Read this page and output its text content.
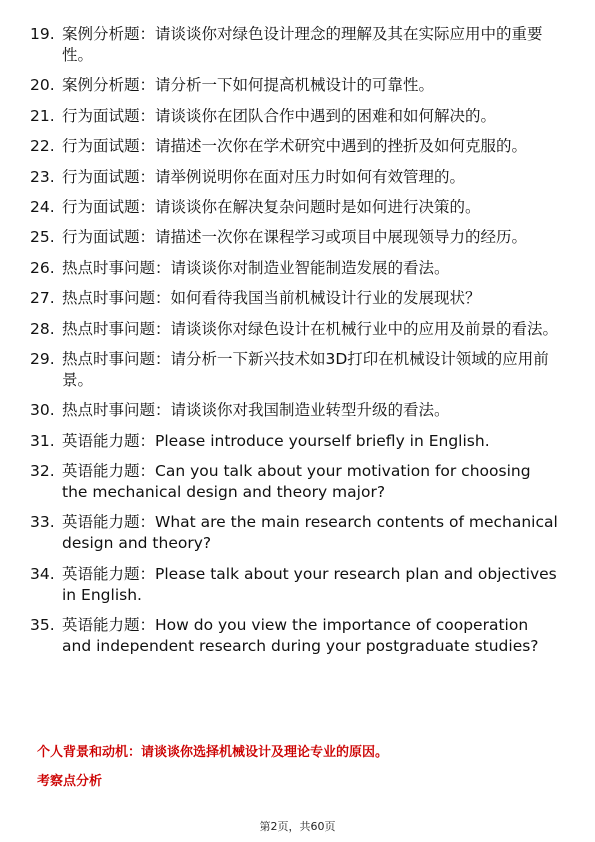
19. 案例分析题：请谈谈你对绿色设计理念的理解及其在实际应用中的重要性。
20. 案例分析题：请分析一下如何提高机械设计的可靠性。
21. 行为面试题：请谈谈你在团队合作中遇到的困难和如何解决的。
22. 行为面试题：请描述一次你在学术研究中遇到的挫折及如何克服的。
23. 行为面试题：请举例说明你在面对压力时如何有效管理的。
24. 行为面试题：请谈谈你在解决复杂问题时是如何进行决策的。
25. 行为面试题：请描述一次你在课程学习或项目中展现领导力的经历。
26. 热点时事问题：请谈谈你对制造业智能制造发展的看法。
27. 热点时事问题：如何看待我国当前机械设计行业的发展现状？
28. 热点时事问题：请谈谈你对绿色设计在机械行业中的应用及前景的看法。
29. 热点时事问题：请分析一下新兴技术如3D打印在机械设计领域的应用前景。
30. 热点时事问题：请谈谈你对我国制造业转型升级的看法。
31. 英语能力题：Please introduce yourself briefly in English.
32. 英语能力题：Can you talk about your motivation for choosing the mechanical design and theory major?
33. 英语能力题：What are the main research contents of mechanical design and theory?
34. 英语能力题：Please talk about your research plan and objectives in English.
35. 英语能力题：How do you view the importance of cooperation and independent research during your postgraduate studies?
个人背景和动机：请谈谈你选择机械设计及理论专业的原因。
考察点分析
第2页，共60页
